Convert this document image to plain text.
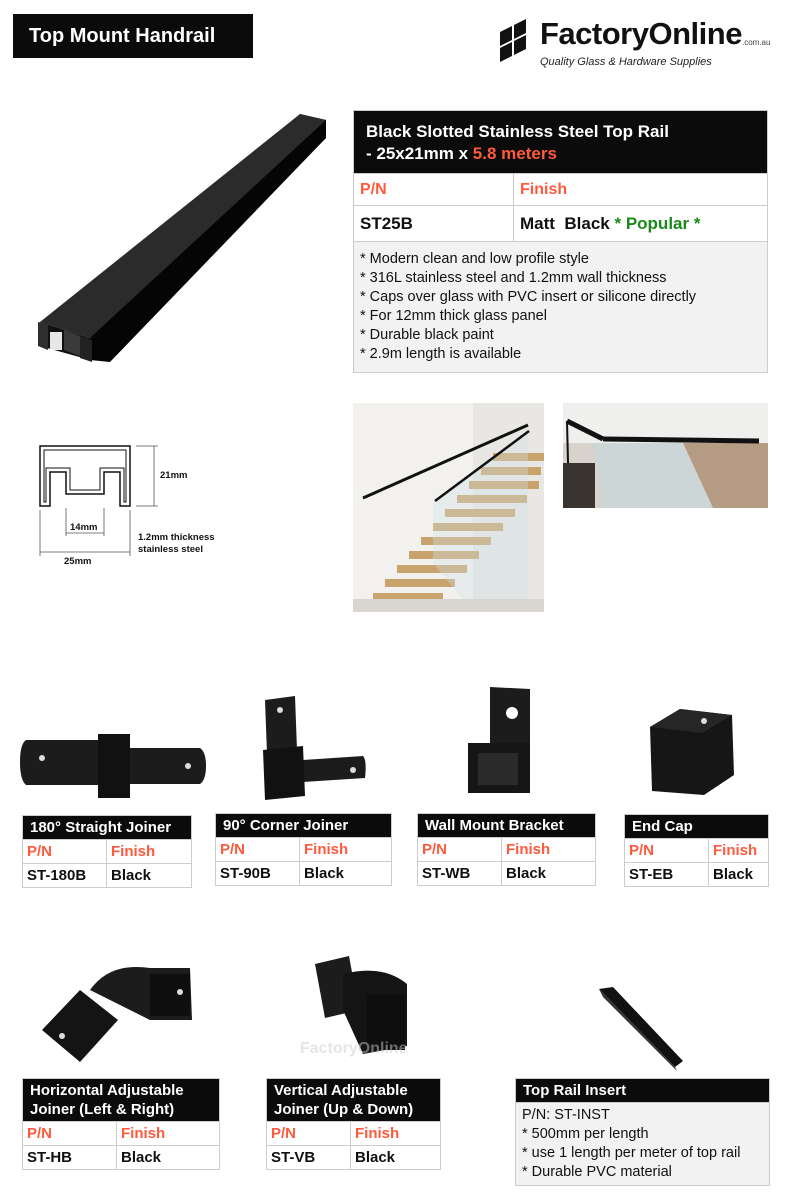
Top Mount Handrail	FactoryOnline .com.au
Quality Glass & Hardware Supplies
Black Slotted Stainless Steel Top Rail
- 25x21mm x 5.8 meters
P/N	Finish
ST25B	Matt  Black * Popular *
* Modern clean and low profile style
* 316L stainless steel and 1.2mm wall thickness
* Caps over glass with PVC insert or silicone directly
* For 12mm thick glass panel
* Durable black paint
* 2.9m length is available
21mm
14mm
25mm
1.2mm thickness
stainless steel
FactoryOnline
180° Straight Joiner
P/N	Finish
ST-180B	Black
90° Corner Joiner
P/N	Finish
ST-90B	Black
Wall Mount Bracket
P/N	Finish
ST-WB	Black
End Cap
P/N	Finish
ST-EB	Black
Horizontal Adjustable
Joiner (Left & Right)
P/N	Finish
ST-HB	Black
Vertical Adjustable
Joiner (Up & Down)
P/N	Finish
ST-VB	Black
Top Rail Insert
P/N: ST-INST
* 500mm per length
* use 1 length per meter of top rail
* Durable PVC material
